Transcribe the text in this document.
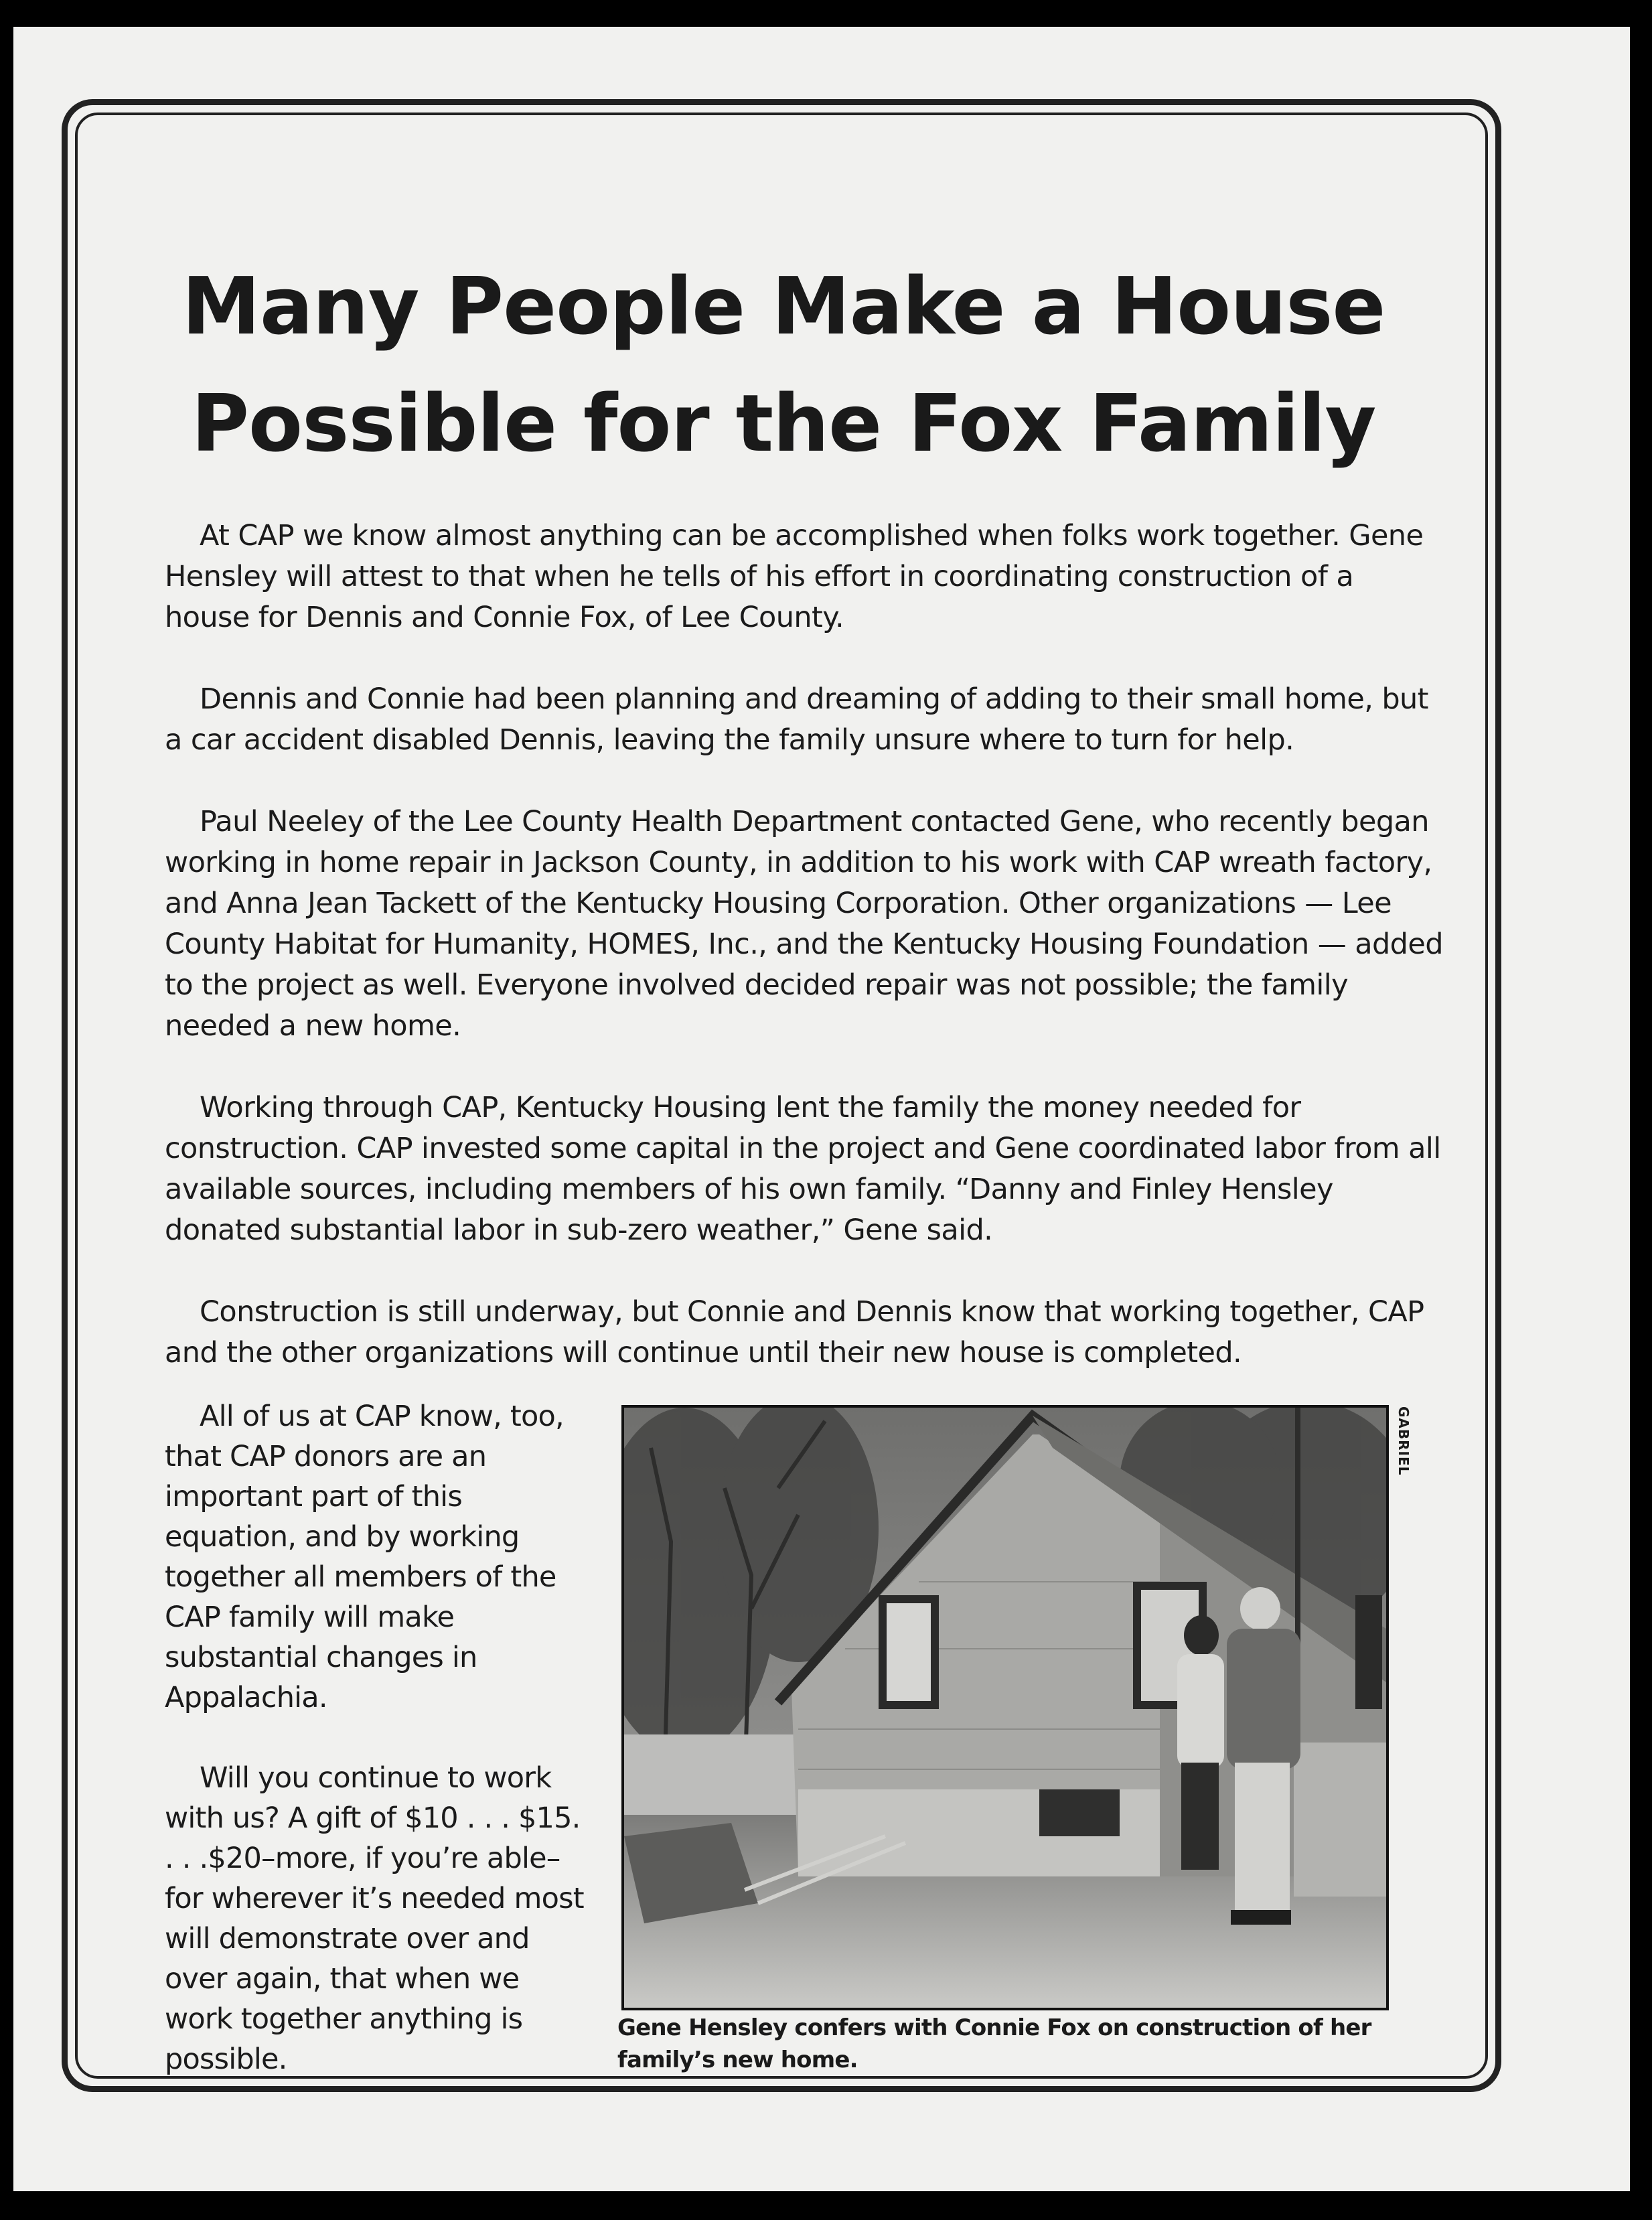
Many People Make a House
Possible for the Fox Family

At CAP we know almost anything can be accomplished when folks work together. Gene Hensley will attest to that when he tells of his effort in coordinating construction of a house for Dennis and Connie Fox, of Lee County.

Dennis and Connie had been planning and dreaming of adding to their small home, but a car accident disabled Dennis, leaving the family unsure where to turn for help.

Paul Neeley of the Lee County Health Department contacted Gene, who recently began working in home repair in Jackson County, in addition to his work with CAP wreath factory, and Anna Jean Tackett of the Kentucky Housing Corporation. Other organizations — Lee County Habitat for Humanity, HOMES, Inc., and the Kentucky Housing Foundation — added to the project as well. Everyone involved decided repair was not possible; the family needed a new home.

Working through CAP, Kentucky Housing lent the family the money needed for construction. CAP invested some capital in the project and Gene coordinated labor from all available sources, including members of his own family. “Danny and Finley Hensley donated substantial labor in sub-zero weather,” Gene said.

Construction is still underway, but Connie and Dennis know that working together, CAP and the other organizations will continue until their new house is completed.

All of us at CAP know, too, that CAP donors are an important part of this equation, and by working together all members of the CAP family will make substantial changes in Appalachia.

Will you continue to work with us? A gift of $10 . . . $15. . . .$20–more, if you’re able–for wherever it’s needed most will demonstrate over and over again, that when we work together anything is possible.

GABRIEL

Gene Hensley confers with Connie Fox on construction of her family’s new home.
